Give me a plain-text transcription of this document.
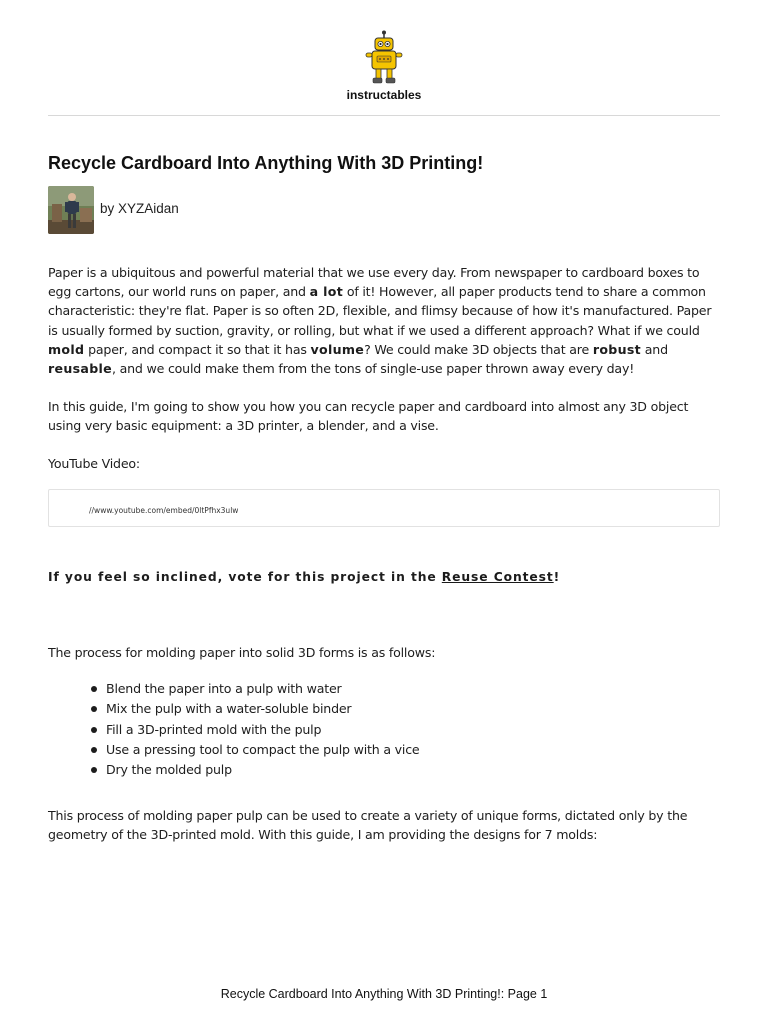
instructables
Recycle Cardboard Into Anything With 3D Printing!
by XYZAidan

Paper is a ubiquitous and powerful material that we use every day. From newspaper to cardboard boxes to egg cartons, our world runs on paper, and a lot of it! However, all paper products tend to share a common characteristic: they're flat. Paper is so often 2D, flexible, and flimsy because of how it's manufactured. Paper is usually formed by suction, gravity, or rolling, but what if we used a different approach? What if we could mold paper, and compact it so that it has volume? We could make 3D objects that are robust and reusable, and we could make them from the tons of single-use paper thrown away every day!

In this guide, I'm going to show you how you can recycle paper and cardboard into almost any 3D object using very basic equipment: a 3D printer, a blender, and a vise.

YouTube Video:

//www.youtube.com/embed/0ltPfhx3ulw

If you feel so inclined, vote for this project in the Reuse Contest!

The process for molding paper into solid 3D forms is as follows:

Blend the paper into a pulp with water
Mix the pulp with a water-soluble binder
Fill a 3D-printed mold with the pulp
Use a pressing tool to compact the pulp with a vice
Dry the molded pulp

This process of molding paper pulp can be used to create a variety of unique forms, dictated only by the geometry of the 3D-printed mold. With this guide, I am providing the designs for 7 molds:

Recycle Cardboard Into Anything With 3D Printing!: Page 1
